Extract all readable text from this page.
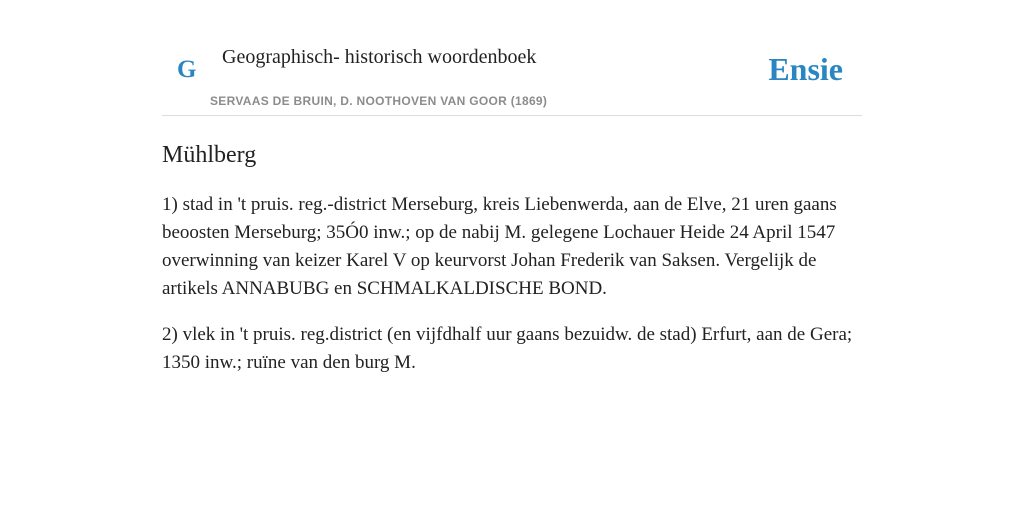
G Geographisch- historisch woordenboek
SERVAAS DE BRUIN, D. NOOTHOVEN VAN GOOR (1869)
Ensie
Mühlberg

1) stad in 't pruis. reg.-district Merseburg, kreis Liebenwerda, aan de Elve, 21 uren gaans beoosten Merseburg; 35Ó0 inw.; op de nabij M. gelegene Lochauer Heide 24 April 1547 overwinning van keizer Karel V op keurvorst Johan Frederik van Saksen. Vergelijk de artikels ANNABUBG en SCHMALKALDISCHE BOND.

2) vlek in 't pruis. reg.district (en vijfdhalf uur gaans bezuidw. de stad) Erfurt, aan de Gera; 1350 inw.; ruïne van den burg M.
